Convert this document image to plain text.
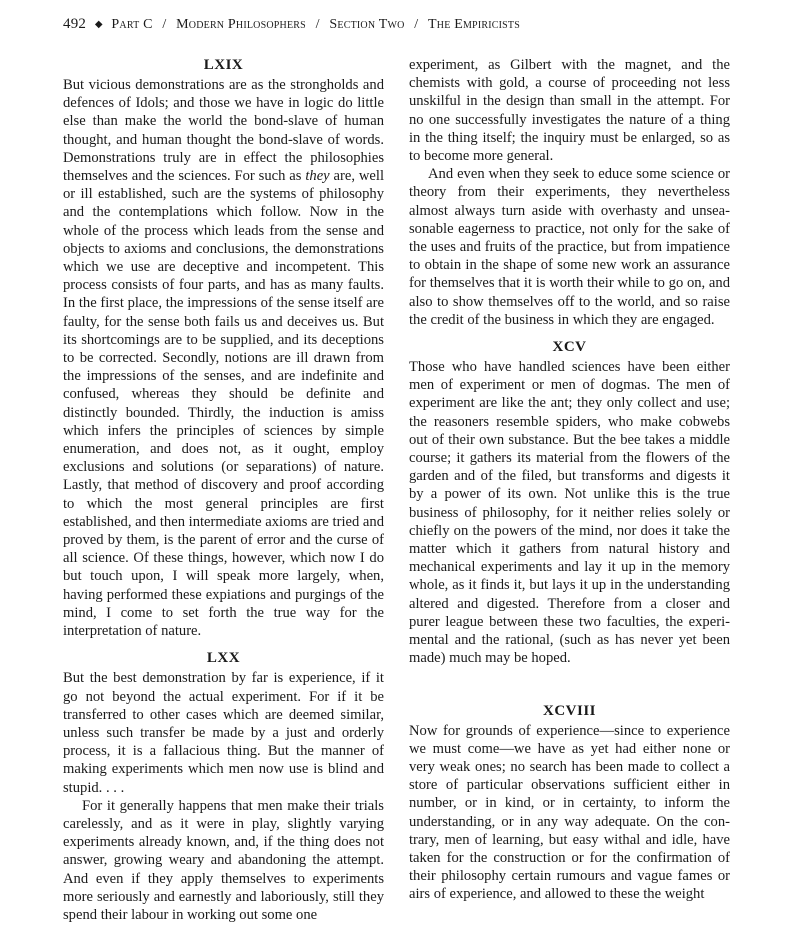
492 ◆ Part C / Modern Philosophers / Section Two / The Empiricists
LXIX

But vicious demonstrations are as the strongholds and defences of Idols; and those we have in logic do little else than make the world the bond-slave of human thought, and human thought the bond-slave of words. Demonstrations truly are in effect the philosophies themselves and the sciences. For such as they are, well or ill established, such are the systems of philosophy and the contemplations which follow. Now in the whole of the process which leads from the sense and objects to axioms and conclusions, the demonstrations which we use are deceptive and incompetent. This process consists of four parts, and has as many faults. In the first place, the impressions of the sense itself are faulty, for the sense both fails us and deceives us. But its shortcomings are to be supplied, and its deceptions to be corrected. Secondly, notions are ill drawn from the impressions of the senses, and are indefinite and confused, whereas they should be definite and distinctly bounded. Thirdly, the induction is amiss which infers the principles of sciences by simple enumeration, and does not, as it ought, employ exclusions and solutions (or separations) of nature. Lastly, that method of discovery and proof according to which the most general principles are first established, and then intermediate axioms are tried and proved by them, is the parent of error and the curse of all science. Of these things, however, which now I do but touch upon, I will speak more largely, when, having performed these expiations and purgings of the mind, I come to set forth the true way for the interpretation of nature.

LXX

But the best demonstration by far is experience, if it go not beyond the actual experiment. For if it be transferred to other cases which are deemed similar, unless such transfer be made by a just and orderly process, it is a fallacious thing. But the manner of making experiments which men now use is blind and stupid. . . .

For it generally happens that men make their trials carelessly, and as it were in play, slightly varying experiments already known, and, if the thing does not answer, growing weary and abandoning the attempt. And even if they apply themselves to experiments more seriously and earnestly and laboriously, still they spend their labour in working out some one

experiment, as Gilbert with the magnet, and the chemists with gold, a course of proceeding not less unskilful in the design than small in the attempt. For no one successfully investigates the nature of a thing in the thing itself; the inquiry must be enlarged, so as to become more general.

And even when they seek to educe some science or theory from their experiments, they nevertheless almost always turn aside with overhasty and unseasonable eagerness to practice, not only for the sake of the uses and fruits of the practice, but from impatience to obtain in the shape of some new work an assurance for themselves that it is worth their while to go on, and also to show themselves off to the world, and so raise the credit of the business in which they are engaged.

XCV

Those who have handled sciences have been either men of experiment or men of dogmas. The men of experiment are like the ant; they only collect and use; the reasoners resemble spiders, who make cobwebs out of their own substance. But the bee takes a middle course; it gathers its material from the flowers of the garden and of the filed, but transforms and digests it by a power of its own. Not unlike this is the true business of philosophy, for it neither relies solely or chiefly on the powers of the mind, nor does it take the matter which it gathers from natural history and mechanical experiments and lay it up in the memory whole, as it finds it, but lays it up in the understanding altered and digested. Therefore from a closer and purer league between these two faculties, the experimental and the rational, (such as has never yet been made) much may be hoped.

XCVIII

Now for grounds of experience—since to experience we must come—we have as yet had either none or very weak ones; no search has been made to collect a store of particular observations sufficient either in number, or in kind, or in certainty, to inform the understanding, or in any way adequate. On the contrary, men of learning, but easy withal and idle, have taken for the construction or for the confirmation of their philosophy certain rumours and vague fames or airs of experience, and allowed to these the weight
